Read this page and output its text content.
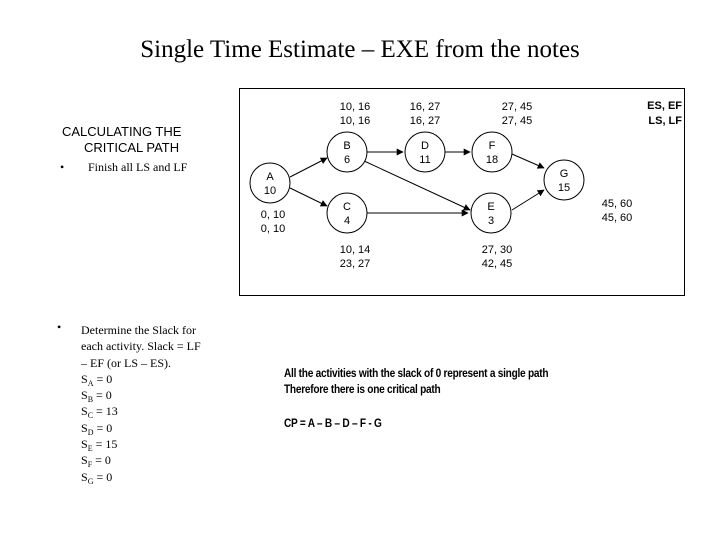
Single Time Estimate – EXE from the notes
CALCULATING THE
CRITICAL PATH
• Finish all LS and LF
• Determine the Slack for
each activity. Slack = LF
– EF (or LS – ES).
$S_A = 0$
$S_B = 0$
$S_C = 13$
$S_D = 0$
$S_E = 15$
$S_F = 0$
$S_G = 0$
A
10
B
6
C
4
D
11
E
3
F
18
G
15
10, 16
10, 16
16, 27
16, 27
27, 45
27, 45
ES, EF
LS, LF
0, 10
0, 10
45, 60
45, 60
10, 14
23, 27
27, 30
42, 45
All the activities with the slack of 0 represent a single path
Therefore there is one critical path
CP = A – B – D – F - G
